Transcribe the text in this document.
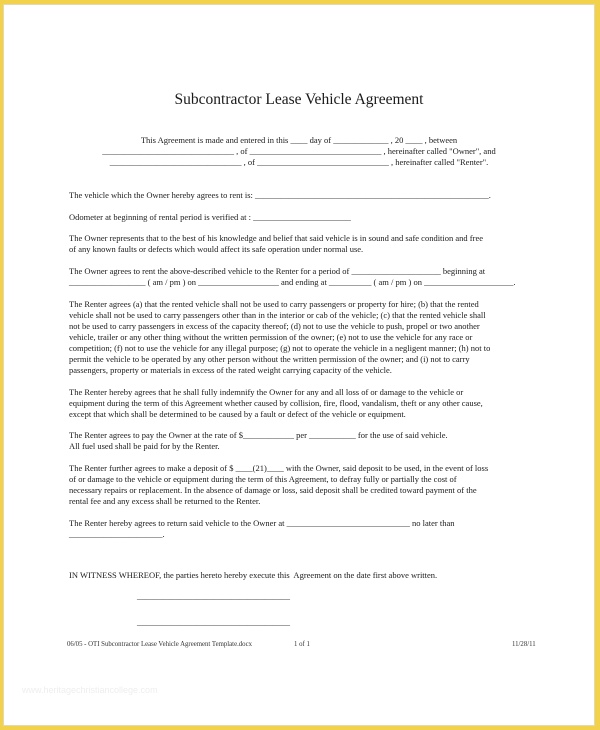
Subcontractor Lease Vehicle Agreement
This Agreement is made and entered in this ____ day of _____________ , 20 ____ , between
_______________________________ , of _______________________________ , hereinafter called "Owner", and
_______________________________ , of _______________________________ , hereinafter called "Renter".
The vehicle which the Owner hereby agrees to rent is: _______________________________________________________.
Odometer at beginning of rental period is verified at : _______________________
The Owner represents that to the best of his knowledge and belief that said vehicle is in sound and safe condition and free
of any known faults or defects which would affect its safe operation under normal use.
The Owner agrees to rent the above-described vehicle to the Renter for a period of _____________________ beginning at
__________________ ( am / pm ) on ___________________ and ending at __________ ( am / pm ) on _____________________.
The Renter agrees (a) that the rented vehicle shall not be used to carry passengers or property for hire; (b) that the rented
vehicle shall not be used to carry passengers other than in the interior or cab of the vehicle; (c) that the rented vehicle shall
not be used to carry passengers in excess of the capacity thereof; (d) not to use the vehicle to push, propel or two another
vehicle, trailer or any other thing without the written permission of the owner; (e) not to use the vehicle for any race or
competition; (f) not to use the vehicle for any illegal purpose; (g) not to operate the vehicle in a negligent manner; (h) not to
permit the vehicle to be operated by any other person without the written permission of the owner; and (i) not to carry
passengers, property or materials in excess of the rated weight carrying capacity of the vehicle.
The Renter hereby agrees that he shall fully indemnify the Owner for any and all loss of or damage to the vehicle or
equipment during the term of this Agreement whether caused by collision, fire, flood, vandalism, theft or any other cause,
except that which shall be determined to be caused by a fault or defect of the vehicle or equipment.
The Renter agrees to pay the Owner at the rate of $____________ per ___________ for the use of said vehicle.
All fuel used shall be paid for by the Renter.
The Renter further agrees to make a deposit of $ ____(21)____ with the Owner, said deposit to be used, in the event of loss
of or damage to the vehicle or equipment during the term of this Agreement, to defray fully or partially the cost of
necessary repairs or replacement. In the absence of damage or loss, said deposit shall be credited toward payment of the
rental fee and any excess shall be returned to the Renter.
The Renter hereby agrees to return said vehicle to the Owner at _____________________________ no later than
______________________.
IN WITNESS WHEREOF, the parties hereto hereby execute this  Agreement on the date first above written.
____________________________________
____________________________________
06/05 - OTI Subcontractor Lease Vehicle Agreement Template.docx	1 of 1	11/28/11
www.heritagechristiancollege.com
